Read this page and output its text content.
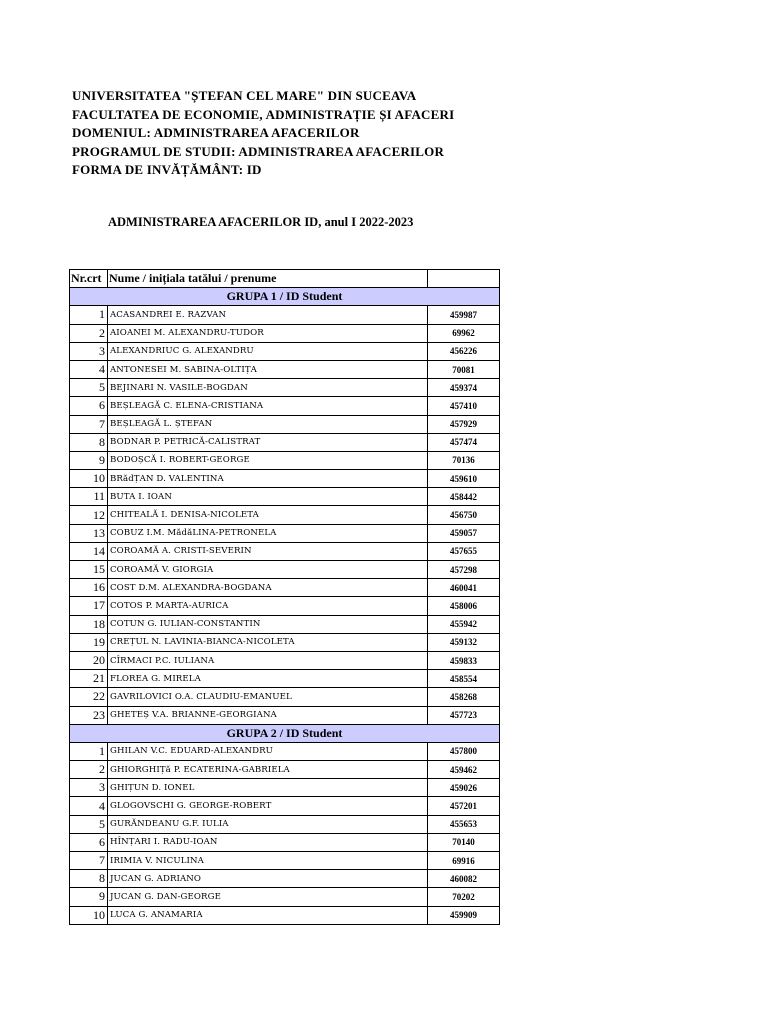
UNIVERSITATEA "ȘTEFAN CEL MARE" DIN SUCEAVA
FACULTATEA DE ECONOMIE, ADMINISTRAȚIE ȘI AFACERI
DOMENIUL: ADMINISTRAREA AFACERILOR
PROGRAMUL DE STUDII: ADMINISTRAREA AFACERILOR
FORMA DE INVĂȚĂMÂNT: ID
ADMINISTRAREA AFACERILOR ID, anul I 2022-2023
Nr.crt	Nume / inițiala tatălui / prenume	
GRUPA 1 / ID Student		
1	ACASANDREI E. RAZVAN	459987
2	AIOANEI M. ALEXANDRU-TUDOR	69962
3	ALEXANDRIUC G. ALEXANDRU	456226
4	ANTONESEI M. SABINA-OLTIȚA	70081
5	BEJINARI N. VASILE-BOGDAN	459374
6	BEȘLEAGĂ C. ELENA-CRISTIANA	457410
7	BEȘLEAGĂ L. ȘTEFAN	457929
8	BODNAR P. PETRICĂ-CALISTRAT	457474
9	BODOȘCĂ I. ROBERT-GEORGE	70136
10	BRădȚAN D. VALENTINA	459610
11	BUTA I. IOAN	458442
12	CHITEALĂ I. DENISA-NICOLETA	456750
13	COBUZ I.M. MădăLINA-PETRONELA	459057
14	COROAMĂ A. CRISTI-SEVERIN	457655
15	COROAMĂ V. GIORGIA	457298
16	COST D.M. ALEXANDRA-BOGDANA	460041
17	COTOS P. MARTA-AURICA	458006
18	COTUN G. IULIAN-CONSTANTIN	455942
19	CREȚUL N. LAVINIA-BIANCA-NICOLETA	459132
20	CÎRMACI P.C. IULIANA	459833
21	FLOREA G. MIRELA	458554
22	GAVRILOVICI O.A. CLAUDIU-EMANUEL	458268
23	GHETEȘ V.A. BRIANNE-GEORGIANA	457723
GRUPA 2 / ID Student		
1	GHILAN V.C. EDUARD-ALEXANDRU	457800
2	GHIORGHIȚă P. ECATERINA-GABRIELA	459462
3	GHIȚUN D. IONEL	459026
4	GLOGOVSCHI G. GEORGE-ROBERT	457201
5	GURĂNDEANU G.F. IULIA	455653
6	HÎNȚARI I. RADU-IOAN	70140
7	IRIMIA V. NICULINA	69916
8	JUCAN G. ADRIANO	460082
9	JUCAN G. DAN-GEORGE	70202
10	LUCA G. ANAMARIA	459909
